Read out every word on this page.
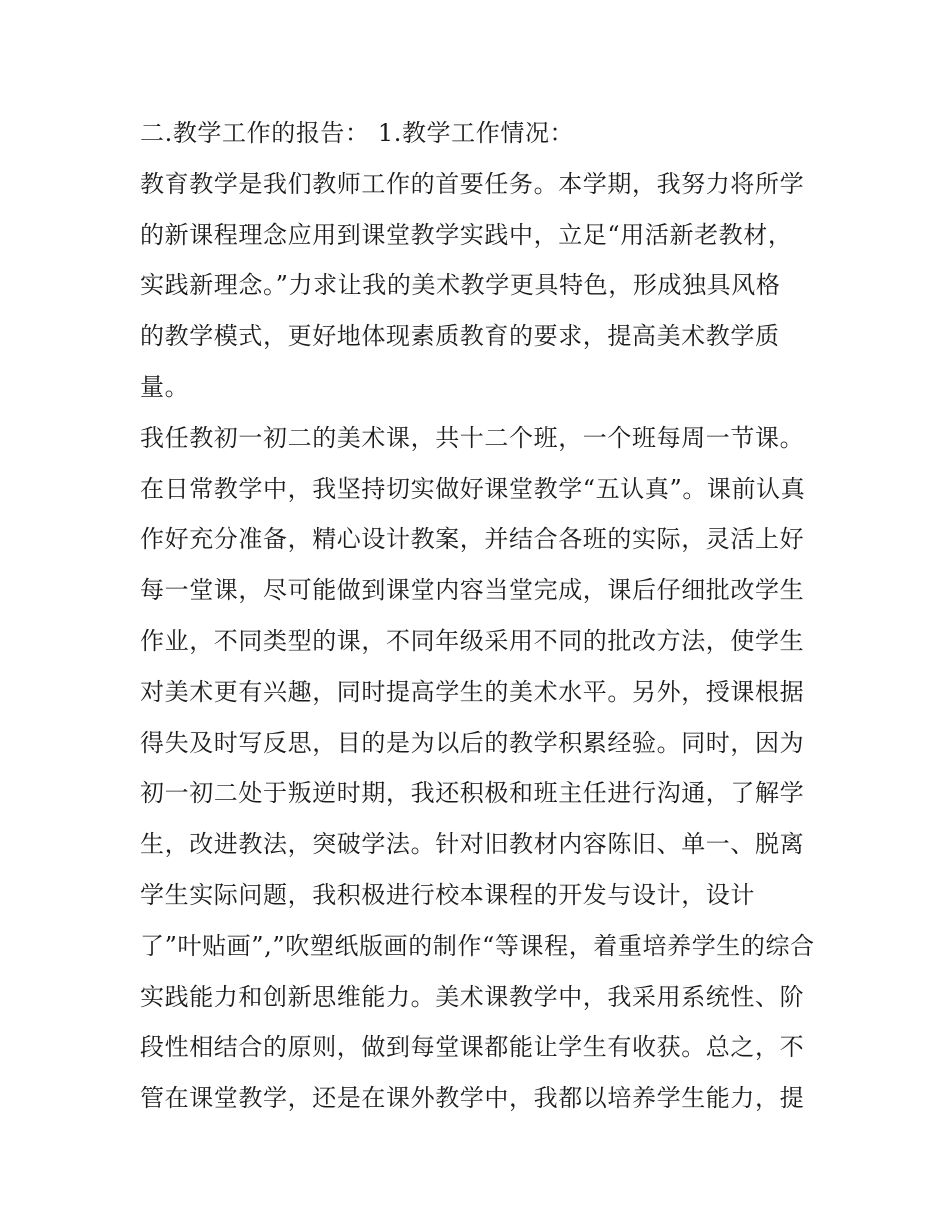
二.教学工作的报告： 1.教学工作情况：
教育教学是我们教师工作的首要任务。本学期，我努力将所学
的新课程理念应用到课堂教学实践中，立足“用活新老教材，
实践新理念。”力求让我的美术教学更具特色，形成独具风格
的教学模式，更好地体现素质教育的要求，提高美术教学质
量。
我任教初一初二的美术课，共十二个班，一个班每周一节课。
在日常教学中，我坚持切实做好课堂教学“五认真”。课前认真
作好充分准备，精心设计教案，并结合各班的实际，灵活上好
每一堂课，尽可能做到课堂内容当堂完成，课后仔细批改学生
作业，不同类型的课，不同年级采用不同的批改方法，使学生
对美术更有兴趣，同时提高学生的美术水平。另外，授课根据
得失及时写反思，目的是为以后的教学积累经验。同时，因为
初一初二处于叛逆时期，我还积极和班主任进行沟通，了解学
生，改进教法，突破学法。针对旧教材内容陈旧、单一、脱离
学生实际问题，我积极进行校本课程的开发与设计，设计
了”叶贴画”,”吹塑纸版画的制作“等课程，着重培养学生的综合
实践能力和创新思维能力。美术课教学中，我采用系统性、阶
段性相结合的原则，做到每堂课都能让学生有收获。总之，不
管在课堂教学，还是在课外教学中，我都以培养学生能力，提
